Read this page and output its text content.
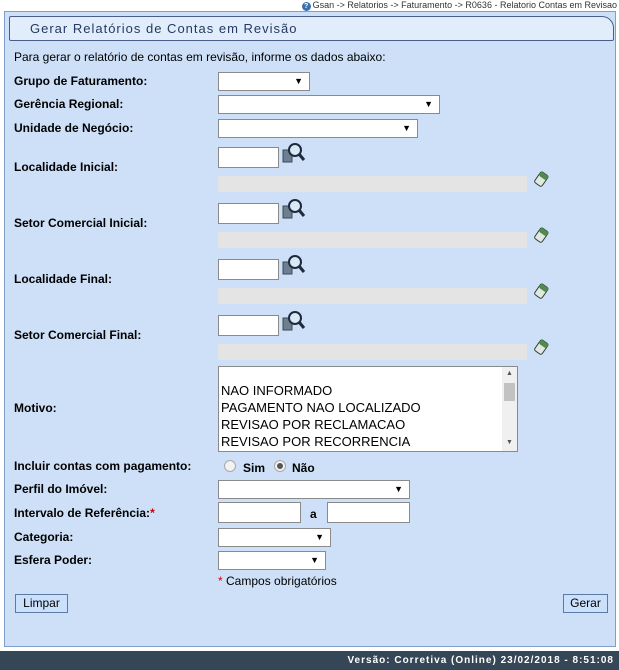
? Gsan -> Relatorios -> Faturamento -> R0636 - Relatorio Contas em Revisao
Gerar Relatórios de Contas em Revisão
Para gerar o relatório de contas em revisão, informe os dados abaixo:
Grupo de Faturamento:	▼
Gerência Regional:	▼
Unidade de Negócio:	▼
Localidade Inicial:
Setor Comercial Inicial:
Localidade Final:
Setor Comercial Final:
Motivo:
NAO INFORMADO
PAGAMENTO NAO LOCALIZADO
REVISAO POR RECLAMACAO
REVISAO POR RECORRENCIA
▲
▼
Incluir contas com pagamento:	Sim Não
Perfil do Imóvel:	▼
Intervalo de Referência:*	a
Categoria:	▼
Esfera Poder:	▼
* Campos obrigatórios
Limpar	Gerar
Versão: Corretiva (Online) 23/02/2018 - 8:51:08
